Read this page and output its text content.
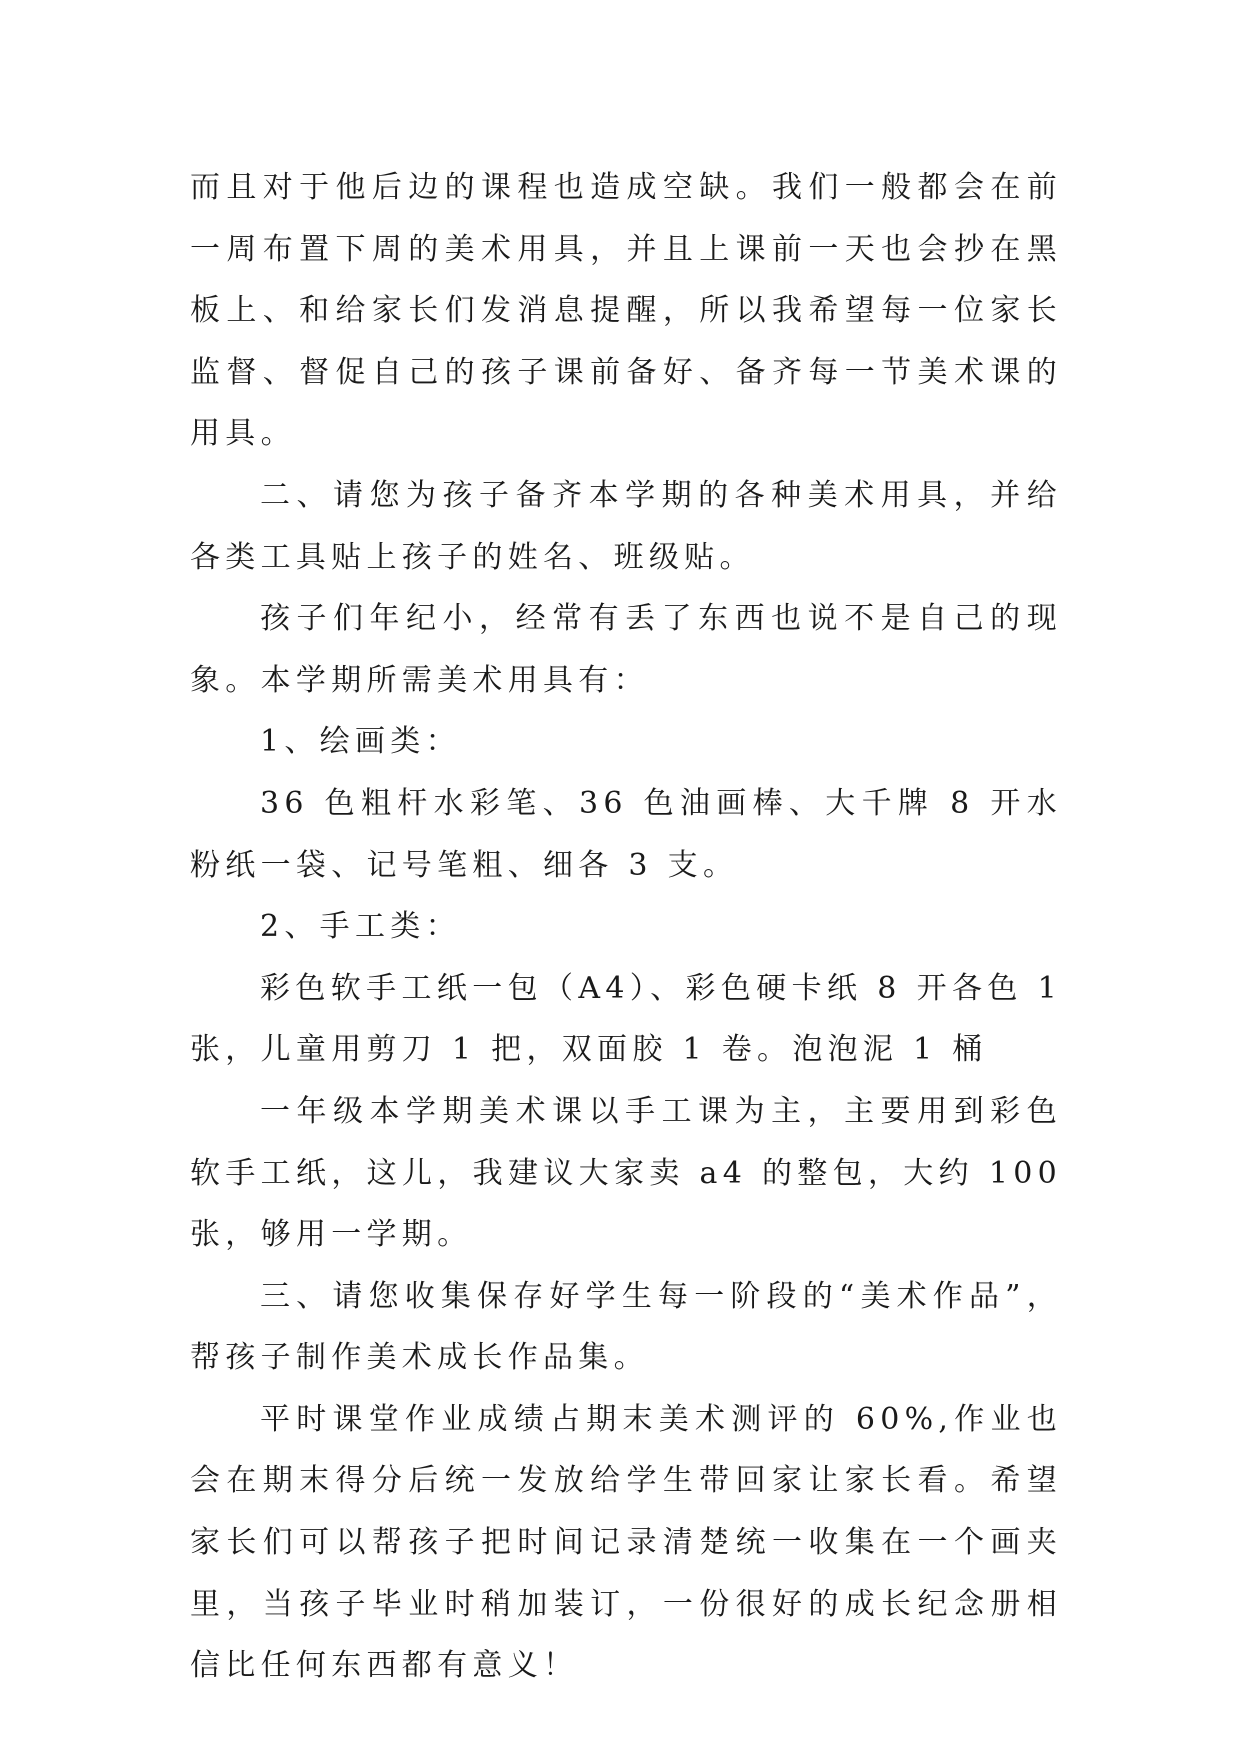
而且对于他后边的课程也造成空缺。我们一般都会在前一周布置下周的美术用具，并且上课前一天也会抄在黑板上、和给家长们发消息提醒，所以我希望每一位家长监督、督促自己的孩子课前备好、备齐每一节美术课的用具。

二、请您为孩子备齐本学期的各种美术用具，并给各类工具贴上孩子的姓名、班级贴。

孩子们年纪小，经常有丢了东西也说不是自己的现象。本学期所需美术用具有：

1、绘画类：

36 色粗杆水彩笔、36 色油画棒、大千牌 8 开水粉纸一袋、记号笔粗、细各 3 支。

2、手工类：

彩色软手工纸一包（A4）、彩色硬卡纸 8 开各色 1 张，儿童用剪刀 1 把，双面胶 1 卷。泡泡泥 1 桶

一年级本学期美术课以手工课为主，主要用到彩色软手工纸，这儿，我建议大家卖 a4 的整包，大约 100 张，够用一学期。

三、请您收集保存好学生每一阶段的“美术作品”，帮孩子制作美术成长作品集。

平时课堂作业成绩占期末美术测评的 60%,作业也会在期末得分后统一发放给学生带回家让家长看。希望家长们可以帮孩子把时间记录清楚统一收集在一个画夹里，当孩子毕业时稍加装订，一份很好的成长纪念册相信比任何东西都有意义！
